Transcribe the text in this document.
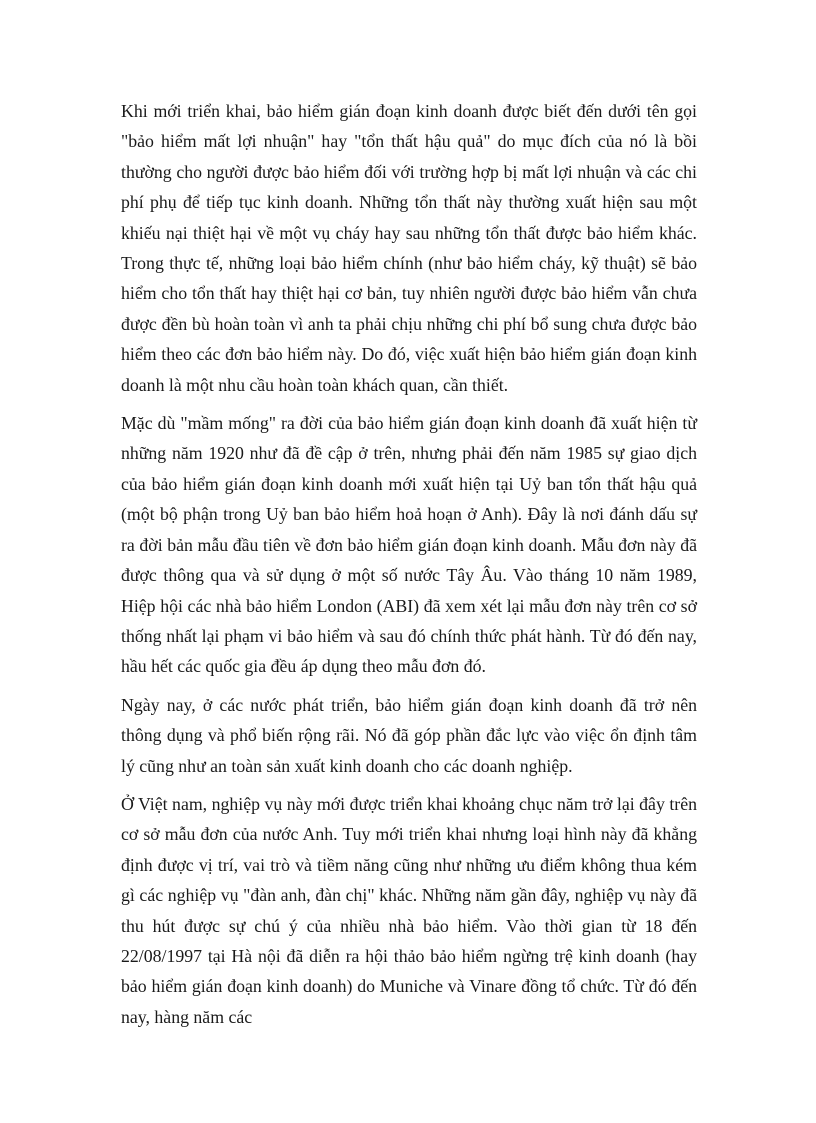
Khi mới triển khai, bảo hiểm gián đoạn kinh doanh được biết đến dưới tên gọi "bảo hiểm mất lợi nhuận" hay "tổn thất hậu quả" do mục đích của nó là bồi thường cho người được bảo hiểm đối với trường hợp bị mất lợi nhuận và các chi phí phụ để tiếp tục kinh doanh. Những tổn thất này thường xuất hiện sau một khiếu nại thiệt hại về một vụ cháy hay sau những tổn thất được bảo hiểm khác. Trong thực tế, những loại bảo hiểm chính (như bảo hiểm cháy, kỹ thuật) sẽ bảo hiểm cho tổn thất hay thiệt hại cơ bản, tuy nhiên người được bảo hiểm vẫn chưa được đền bù hoàn toàn vì anh ta phải chịu những chi phí bổ sung chưa được bảo hiểm theo các đơn bảo hiểm này. Do đó, việc xuất hiện bảo hiểm gián đoạn kinh doanh là một nhu cầu hoàn toàn khách quan, cần thiết.

Mặc dù "mầm mống" ra đời của bảo hiểm gián đoạn kinh doanh đã xuất hiện từ những năm 1920 như đã đề cập ở trên, nhưng phải đến năm 1985 sự giao dịch của bảo hiểm gián đoạn kinh doanh mới xuất hiện tại Uỷ ban tổn thất hậu quả (một bộ phận trong Uỷ ban bảo hiểm hoả hoạn ở Anh). Đây là nơi đánh dấu sự ra đời bản mẫu đầu tiên về đơn bảo hiểm gián đoạn kinh doanh. Mẫu đơn này đã được thông qua và sử dụng ở một số nước Tây Âu. Vào tháng 10 năm 1989, Hiệp hội các nhà bảo hiểm London (ABI) đã xem xét lại mẫu đơn này trên cơ sở thống nhất lại phạm vi bảo hiểm và sau đó chính thức phát hành. Từ đó đến nay, hầu hết các quốc gia đều áp dụng theo mẫu đơn đó.

Ngày nay, ở các nước phát triển, bảo hiểm gián đoạn kinh doanh đã trở nên thông dụng và phổ biến rộng rãi. Nó đã góp phần đắc lực vào việc ổn định tâm lý cũng như an toàn sản xuất kinh doanh cho các doanh nghiệp.

Ở Việt nam, nghiệp vụ này mới được triển khai khoảng chục năm trở lại đây trên cơ sở mẫu đơn của nước Anh. Tuy mới triển khai nhưng loại hình này đã khẳng định được vị trí, vai trò và tiềm năng cũng như những ưu điểm không thua kém gì các nghiệp vụ "đàn anh, đàn chị" khác. Những năm gần đây, nghiệp vụ này đã thu hút được sự chú ý của nhiều nhà bảo hiểm. Vào thời gian từ 18 đến 22/08/1997 tại Hà nội đã diễn ra hội thảo bảo hiểm ngừng trệ kinh doanh (hay bảo hiểm gián đoạn kinh doanh) do Muniche và Vinare đồng tổ chức. Từ đó đến nay, hàng năm các
